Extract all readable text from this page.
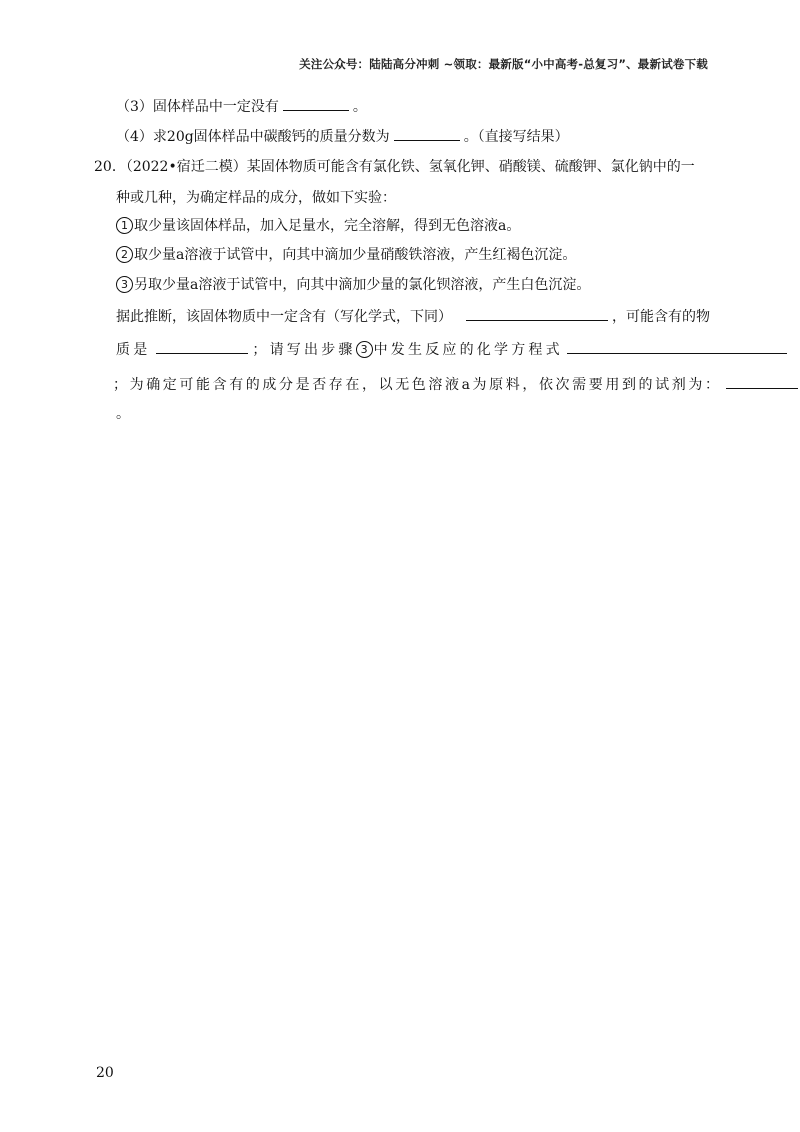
关注公众号：陆陆高分冲刺 ~领取：最新版“小中高考-总复习”、最新试卷下载
（3）固体样品中一定没有	。
（4）求20g固体样品中碳酸钙的质量分数为	。（直接写结果）
20．（2022•宿迁二模）某固体物质可能含有氯化铁、氢氧化钾、硝酸镁、硫酸钾、氯化钠中的一
种或几种，为确定样品的成分，做如下实验：
1 取少量该固体样品，加入足量水，完全溶解，得到无色溶液a。
2 取少量a溶液于试管中，向其中滴加少量硝酸铁溶液，产生红褐色沉淀。
3 另取少量a溶液于试管中，向其中滴加少量的氯化钡溶液，产生白色沉淀。
据此推断，该固体物质中一定含有（写化学式，下同）	，可能含有的物
质是	；请写出步骤 3 中发生反应的化学方程式
；为确定可能含有的成分是否存在，以无色溶液a为原料，依次需要用到的试剂为：
。
20
